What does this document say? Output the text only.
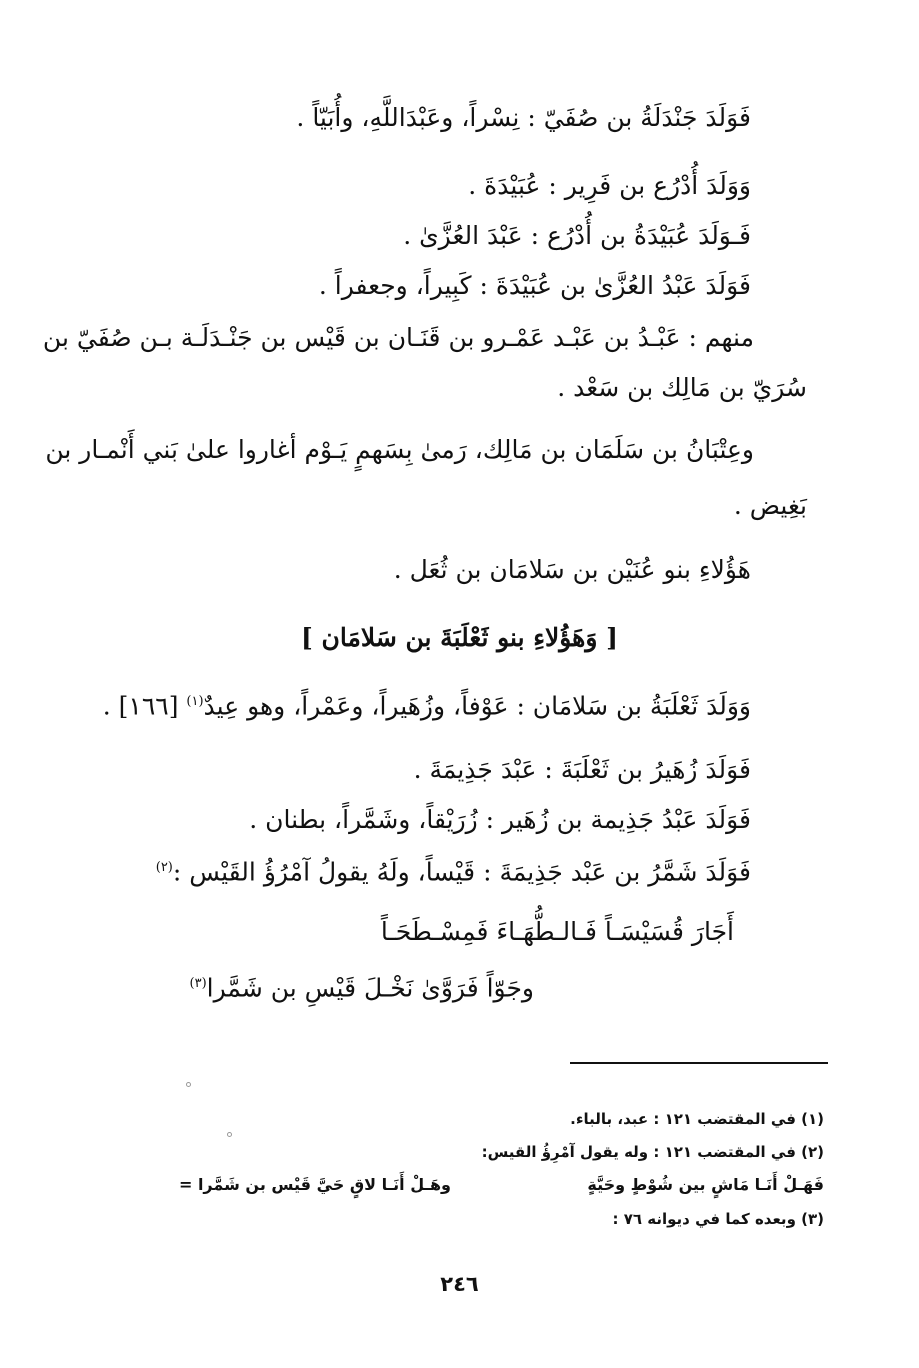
فَوَلَدَ جَنْدَلَةُ بن صُفَيّ : نِسْراً، وعَبْدَاللَّهِ، وأُبَيّاً .
وَوَلَدَ أُدْرُع بن فَرِير : عُبَيْدَةَ .
فَـوَلَدَ عُبَيْدَةُ بن أُدْرُع : عَبْدَ العُزَّىٰ .
فَوَلَدَ عَبْدُ العُزَّىٰ بن عُبَيْدَةَ : كَبِيراً، وجعفراً .
منهم : عَبْـدُ بن عَبْـد عَمْـرو بن قَنَـان بن قَيْس بن جَنْـدَلَـة بـن صُفَيّ بن
سُرَيّ بن مَالِك بن سَعْد .
وعِتْبَانُ بن سَلَمَان بن مَالِك، رَمىٰ بِسَهمٍ يَـوْم أغاروا علىٰ بَني أَنْمـار بن
بَغِيض .
هَؤُلاءِ بنو عُنَيْن بن سَلامَان بن ثُعَل .
[ وَهَؤُلاءِ بنو ثَعْلَبَةَ بن سَلامَان ]
وَوَلَدَ ثَعْلَبَةُ بن سَلامَان : عَوْفاً، وزُهَيراً، وعَمْراً، وهو عِيدٌ$^{(١)}$ [١٦٦] .
فَوَلَدَ زُهَيرُ بن ثَعْلَبَةَ : عَبْدَ جَذِيمَةَ .
فَوَلَدَ عَبْدُ جَذِيمة بن زُهَير : زُرَيْقاً، وشَمَّراً، بطنان .
فَوَلَدَ شَمَّرُ بن عَبْد جَذِيمَةَ : قَيْساً، ولَهُ يقولُ آمْرُؤُ القَيْس :$^{(٢)}$
أَجَارَ قُسَيْسَـاً فَـالـطُّهَـاءَ فَمِسْـطَحَـاً
وجَوّاً فَرَوَّىٰ نَخْـلَ قَيْسِ بن شَمَّرا$^{(٣)}$
(١) في المقتضب ١٢١ : عبد، بالباء.
(٢) في المقتضب ١٢١ : وله يقول آمْرِؤُ القيس:
فَهَـلْ أَنَـا مَاشٍ بين شُوْطٍ وحَيَّةٍ
وهَـلْ أَنَـا لاقٍ حَيَّ قَيْس بن شَمَّرا =
(٣) وبعده كما في ديوانه ٧٦ :
٢٤٦
